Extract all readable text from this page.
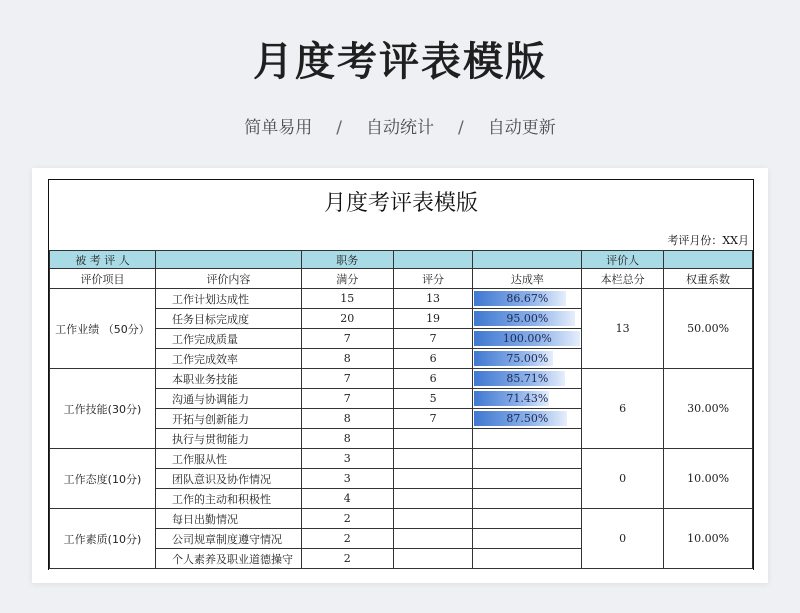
月度考评表模版
简单易用 / 自动统计 / 自动更新
月度考评表模版
考评月份：XX月
被 考 评 人		职务			评价人	
评价项目	评价内容	满分	评分	达成率	本栏总分	权重系数
工作业绩 （50分）	工作计划达成性	15	13	86.67%	13	50.00%
	任务目标完成度	20	19	95.00%		
	工作完成质量	7	7	100.00%		
	工作完成效率	8	6	75.00%		
工作技能(30分)	本职业务技能	7	6	85.71%	6	30.00%
	沟通与协调能力	7	5	71.43%		
	开拓与创新能力	8	7	87.50%		
	执行与贯彻能力	8				
工作态度(10分)	工作服从性	3			0	10.00%
	团队意识及协作情况	3				
	工作的主动和积极性	4				
工作素质(10分)	每日出勤情况	2			0	10.00%
	公司规章制度遵守情况	2				
	个人素养及职业道德操守	2				
